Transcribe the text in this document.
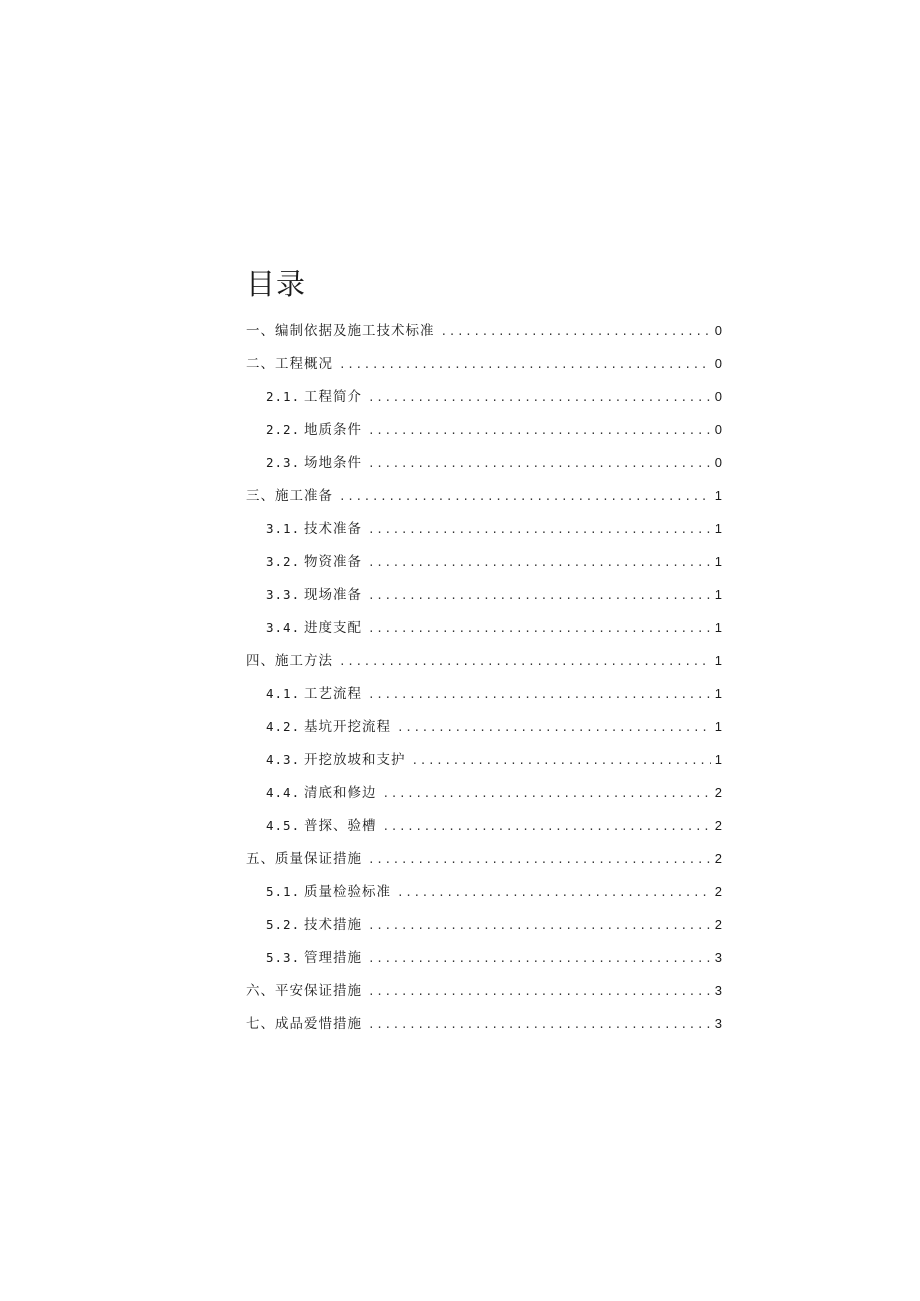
目录
一、编制依据及施工技术标准 .....	0
二、工程概况 .....	0
2.1. 工程简介 .....	0
2.2. 地质条件 .....	0
2.3. 场地条件 .....	0
三、施工准备 .....	1
3.1. 技术准备 .....	1
3.2. 物资准备 .....	1
3.3. 现场准备 .....	1
3.4. 进度支配 .....	1
四、施工方法 .....	1
4.1. 工艺流程 .....	1
4.2. 基坑开挖流程 .....	1
4.3. 开挖放坡和支护 .....	1
4.4. 清底和修边 .....	2
4.5. 普探、验槽 .....	2
五、质量保证措施 .....	2
5.1. 质量检验标准 .....	2
5.2. 技术措施 .....	2
5.3. 管理措施 .....	3
六、平安保证措施 .....	3
七、成品爱惜措施 .....	3
